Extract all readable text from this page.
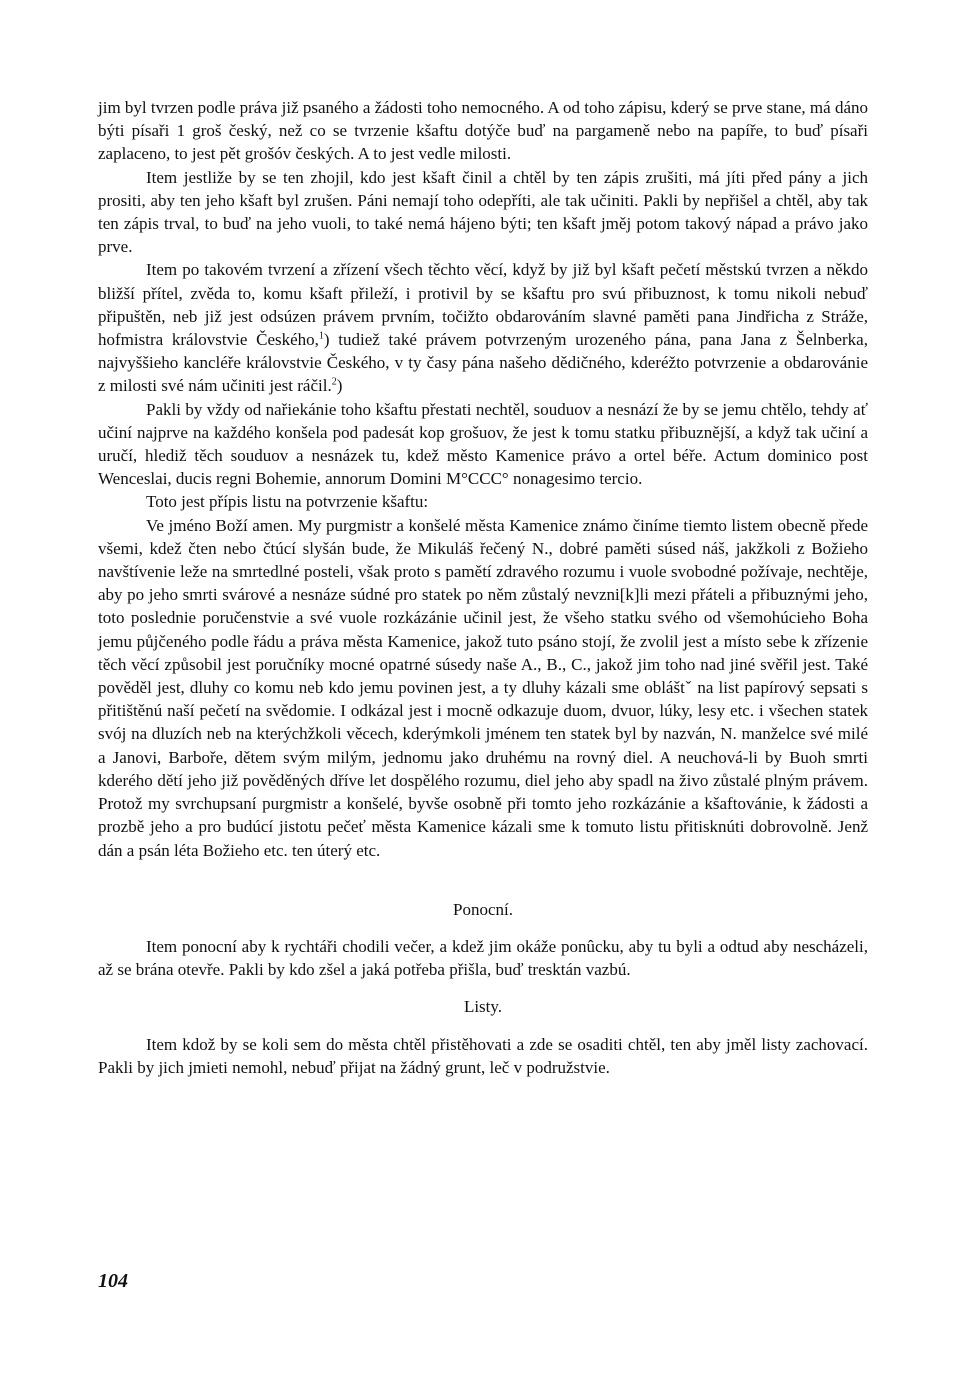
jim byl tvrzen podle práva již psaného a žádosti toho nemocného. A od toho zápisu, kderý se prve stane, má dáno býti písaři 1 groš český, než co se tvrzenie kšaftu dotýče buď na pargameně nebo na papíře, to buď písaři zaplaceno, to jest pět grošóv českých. A to jest vedle milosti.

Item jestliže by se ten zhojil, kdo jest kšaft činil a chtěl by ten zápis zrušiti, má jíti před pány a jich prositi, aby ten jeho kšaft byl zrušen. Páni nemají toho odepříti, ale tak učiniti. Pakli by nepřišel a chtěl, aby tak ten zápis trval, to buď na jeho vuoli, to také nemá hájeno býti; ten kšaft jměj potom takový nápad a právo jako prve.

Item po takovém tvrzení a zřízení všech těchto věcí, když by již byl kšaft pečetí městskú tvrzen a někdo bližší přítel, zvěda to, komu kšaft přileží, i protivil by se kšaftu pro svú přibuznost, k tomu nikoli nebuď připuštěn, neb již jest odsúzen právem prvním, točižto obdarováním slavné paměti pana Jindřicha z Stráže, hofmistra královstvie Českého,$^1$) tudiež také právem potvrzeným urozeného pána, pana Jana z Šelnberka, najvyššieho kancléře královstvie Českého, v ty časy pána našeho dědičného, kderéžto potvrzenie a obdarovánie z milosti své nám učiniti jest ráčil.$^2$)

Pakli by vždy od nařiekánie toho kšaftu přestati nechtěl, souduov a nesnází že by se jemu chtělo, tehdy ať učiní najprve na každého konšela pod padesát kop grošuov, že jest k tomu statku přibuznější, a když tak učiní a uručí, hlediž těch souduov a nesnázek tu, kdež město Kamenice právo a ortel béře. Actum dominico post Wenceslai, ducis regni Bohemie, annorum Domini M°CCC° nonagesimo tercio.

Toto jest přípis listu na potvrzenie kšaftu:

Ve jméno Boží amen. My purgmistr a konšelé města Kamenice známo činíme tiemto listem obecně přede všemi, kdež čten nebo čtúcí slyšán bude, že Mikuláš řečený N., dobré paměti súsed náš, jakžkoli z Božieho navštívenie leže na smrtedlné posteli, však proto s pamětí zdravého rozumu i vuole svobodné požívaje, nechtěje, aby po jeho smrti svárové a nesnáze súdné pro statek po něm zůstalý nevzni[k]li mezi přáteli a přibuznými jeho, toto poslednie poručenstvie a své vuole rozkázánie učinil jest, že všeho statku svého od všemohúcieho Boha jemu půjčeného podle řádu a práva města Kamenice, jakož tuto psáno stojí, že zvolil jest a místo sebe k zřízenie těch věcí způsobil jest poručníky mocné opatrné súsedy naše A., B., C., jakož jim toho nad jiné svěřil jest. Také pověděl jest, dluhy co komu neb kdo jemu povinen jest, a ty dluhy kázali sme obláštˇ na list papírový sepsati s přitištěnú naší pečetí na svědomie. I odkázal jest i mocně odkazuje duom, dvuor, lúky, lesy etc. i všechen statek svój na dluzích neb na kterýchžkoli věcech, kderýmkoli jménem ten statek byl by nazván, N. manželce své milé a Janovi, Barboře, dětem svým milým, jednomu jako druhému na rovný diel. A neuchová-li by Buoh smrti kderého dětí jeho již pověděných dříve let dospělého rozumu, diel jeho aby spadl na živo zůstalé plným právem. Protož my svrchupsaní purgmistr a konšelé, byvše osobně při tomto jeho rozkázánie a kšaftovánie, k žádosti a prozbě jeho a pro budúcí jistotu pečeť města Kamenice kázali sme k tomuto listu přitisknúti dobrovolně. Jenž dán a psán léta Božieho etc. ten úterý etc.

Ponocní.

Item ponocní aby k rychtáři chodili večer, a kdež jim okáže ponûcku, aby tu byli a odtud aby nescházeli, až se brána otevře. Pakli by kdo zšel a jaká potřeba přišla, buď tresktán vazbú.

Listy.

Item kdož by se koli sem do města chtěl přistěhovati a zde se osaditi chtěl, ten aby jměl listy zachovací. Pakli by jich jmieti nemohl, nebuď přijat na žádný grunt, leč v podružstvie.

104
